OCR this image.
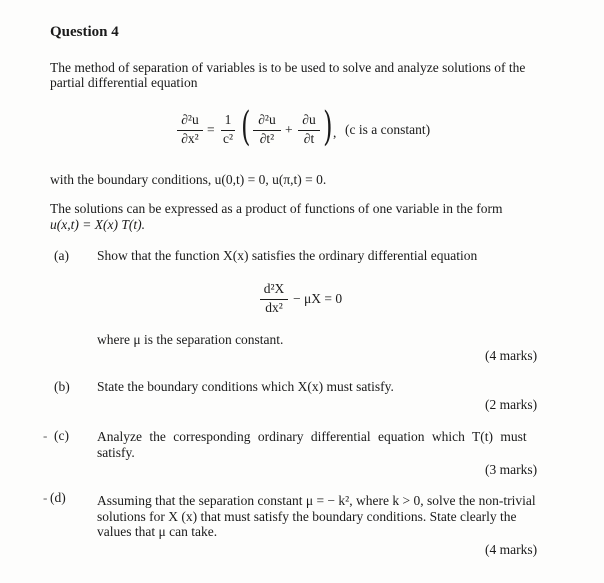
Question 4
The method of separation of variables is to be used to solve and analyze solutions of the
partial differential equation
∂²u
∂x²
=
1
c² ( ∂²u
∂t²
+
∂u
∂t ) , (c is a constant)
with the boundary conditions, u(0,t) = 0, u(π,t) = 0.
The solutions can be expressed as a product of functions of one variable in the form
u(x,t) = X(x) T(t).
(a) Show that the function X(x) satisfies the ordinary differential equation
d²X
dx²
− μX = 0
where μ is the separation constant.
(4 marks)
(b) State the boundary conditions which X(x) must satisfy.
(2 marks)
- (c) Analyze the corresponding ordinary differential equation which T(t) must
satisfy.
(3 marks)
- (d) Assuming that the separation constant μ = − k², where k > 0, solve the non-trivial
solutions for X (x) that must satisfy the boundary conditions. State clearly the
values that μ can take.
(4 marks)
